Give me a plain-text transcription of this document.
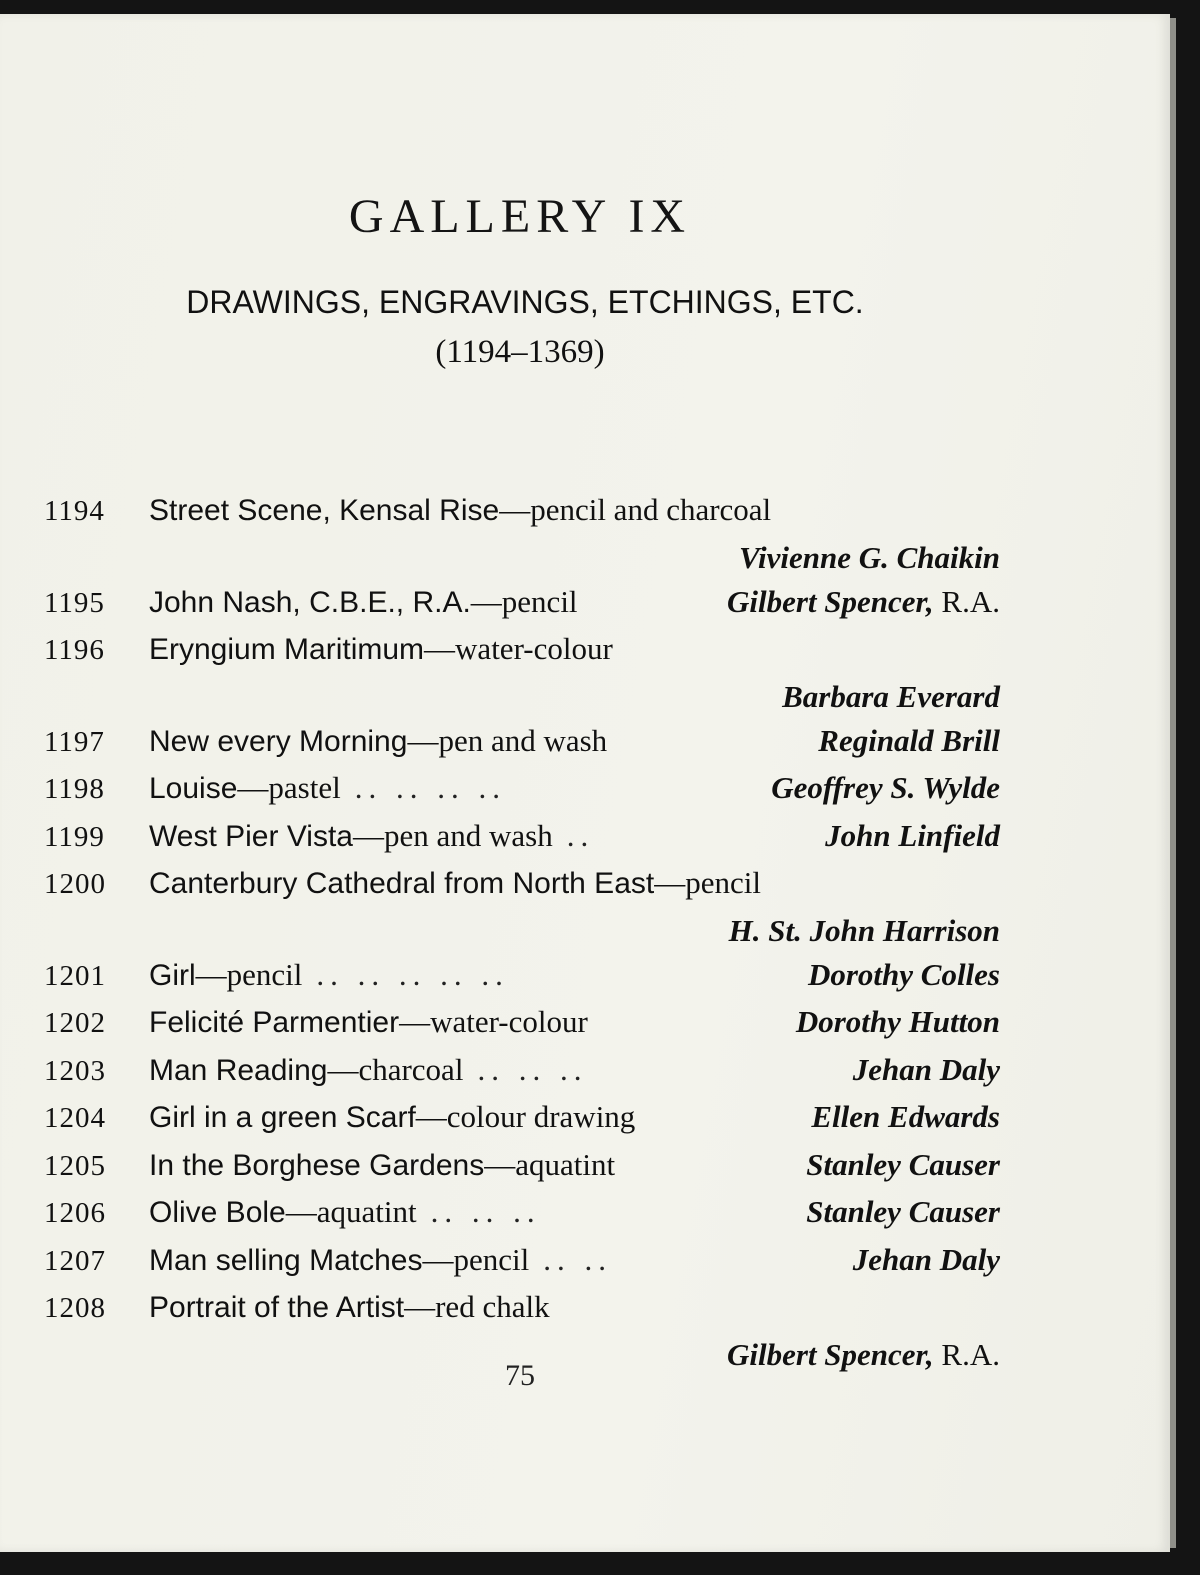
GALLERY IX
DRAWINGS, ENGRAVINGS, ETCHINGS, ETC.
(1194–1369)
1194	Street Scene, Kensal Rise —pencil and charcoal
Vivienne G. Chaikin
1195	John Nash, C.B.E., R.A. —pencil	Gilbert Spencer, R.A.
1196	Eryngium Maritimum —water-colour
Barbara Everard
1197	New every Morning —pen and wash	Reginald Brill
1198	Louise —pastel .. .. .. ..	Geoffrey S. Wylde
1199	West Pier Vista —pen and wash ..	John Linfield
1200	Canterbury Cathedral from North East —pencil
H. St. John Harrison
1201	Girl —pencil .. .. .. .. ..	Dorothy Colles
1202	Felicité Parmentier —water-colour	Dorothy Hutton
1203	Man Reading —charcoal .. .. ..	Jehan Daly
1204	Girl in a green Scarf —colour drawing	Ellen Edwards
1205	In the Borghese Gardens —aquatint	Stanley Causer
1206	Olive Bole —aquatint .. .. ..	Stanley Causer
1207	Man selling Matches —pencil .. ..	Jehan Daly
1208	Portrait of the Artist —red chalk
Gilbert Spencer, R.A.
75
